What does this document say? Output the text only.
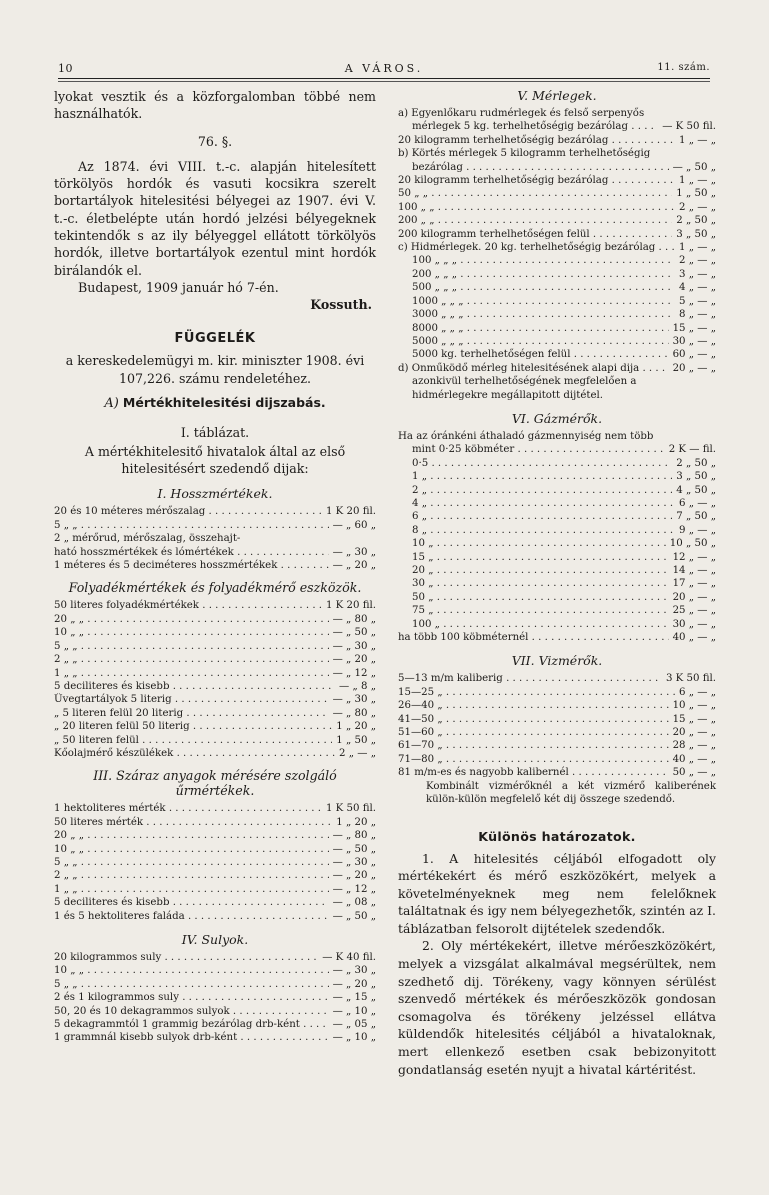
10	A VÁROS.	11. szám.

lyokat vesztik és a közforgalomban többé nem használhatók.

76. §.

Az 1874. évi VIII. t.-c. alapján hitelesített törkölyös hordók és vasuti kocsikra szerelt bortartályok hitelesitési bélyegei az 1907. évi V. t.-c. életbelépte után hordó jelzési bélyegeknek tekintendők s az ily bélyeggel ellátott törkölyös hordók, illetve bortartályok ezentul mint hordók birálandók el.

Budapest, 1909 január hó 7-én.

Kossuth.

FÜGGELÉK

a kereskedelemügyi m. kir. miniszter 1908. évi 107,226. számu rendeletéhez.

A) Mértékhitelesitési dijszabás.
I. táblázat.

A mértékhitelesitő hivatalok által az első hitelesitésért szedendő dijak:

I. Hosszmértékek.
20 és 10 méteres mérőszalag . . .	1 K 20 fil.
5 „ „ . . .	— „ 60 „
2 „ mérőrud, mérőszalag, összehajt-
ható hosszmértékek és lómértékek . . .	— „ 30 „
1 méteres és 5 deciméteres hosszmértékek . . .	— „ 20 „
Folyadékmértékek és folyadékmérő eszközök.
50 literes folyadékmértékek . . .	1 K 20 fil.
20 „ „ . . .	— „ 80 „
10 „ „ . . .	— „ 50 „
5 „ „ . . .	— „ 30 „
2 „ „ . . .	— „ 20 „
1 „ „ . . .	— „ 12 „
5 deciliteres és kisebb . . .	— „ 8 „
Üvegtartályok 5 literig . . .	— „ 30 „
„ 5 literen felül 20 literig . . .	— „ 80 „
„ 20 literen felül 50 literig . . .	1 „ 20 „
„ 50 literen felül . . .	1 „ 50 „
Kőolajmérő készülékek . . .	2 „ — „
III. Száraz anyagok mérésére szolgáló űrmértékek.
1 hektoliteres mérték . . .	1 K 50 fil.
50 literes mérték . . .	1 „ 20 „
20 „ „ . . .	— „ 80 „
10 „ „ . . .	— „ 50 „
5 „ „ . . .	— „ 30 „
2 „ „ . . .	— „ 20 „
1 „ „ . . .	— „ 12 „
5 deciliteres és kisebb . . .	— „ 08 „
1 és 5 hektoliteres faláda . . .	— „ 50 „
IV. Sulyok.
20 kilogrammos suly . . .	— K 40 fil.
10 „ „ . . .	— „ 30 „
5 „ „ . . .	— „ 20 „
2 és 1 kilogrammos suly . . .	— „ 15 „
50, 20 és 10 dekagrammos sulyok . . .	— „ 10 „
5 dekagrammtól 1 grammig bezárólag drb-ként . . .	— „ 05 „
1 grammnál kisebb sulyok drb-ként . . .	— „ 10 „
V. Mérlegek.
a) Egyenlőkaru rudmérlegek és felső serpenyős
mérlegek 5 kg. terhelhetőségig bezárólag . . .	— K 50 fil.
20 kilogramm terhelhetőségig bezárólag . . .	1 „ — „
b) Körtés mérlegek 5 kilogramm terhelhetőségig
bezárólag . . .	— „ 50 „
20 kilogramm terhelhetőségig bezárólag . . .	1 „ — „
50 „ „ . . .	1 „ 50 „
100 „ „ . . .	2 „ — „
200 „ „ . . .	2 „ 50 „
200 kilogramm terhelhetőségen felül . . .	3 „ 50 „
c) Hidmérlegek. 20 kg. terhelhetőségig bezárólag . . .	1 „ — „
100 „ „ „ . . .	2 „ — „
200 „ „ „ . . .	3 „ — „
500 „ „ „ . . .	4 „ — „
1000 „ „ „ . . .	5 „ — „
3000 „ „ „ . . .	8 „ — „
8000 „ „ „ . . .	15 „ — „
5000 „ „ „ . . .	30 „ — „
5000 kg. terhelhetőségen felül . . .	60 „ — „
d) Onműködő mérleg hitelesitésének alapi dija . . .	20 „ — „
azonkivül terhelhetőségének megfelelően a
hidmérlegekre megállapitott dijtétel.
VI. Gázmérők.
Ha az óránkéni áthaladó gázmennyiség nem több
mint 0·25 köbméter . . .	2 K — fil.
0·5 . . .	2 „ 50 „
1 „ . . .	3 „ 50 „
2 „ . . .	4 „ 50 „
4 „ . . .	6 „ — „
6 „ . . .	7 „ 50 „
8 „ . . .	9 „ — „
10 „ . . .	10 „ 50 „
15 „ . . .	12 „ — „
20 „ . . .	14 „ — „
30 „ . . .	17 „ — „
50 „ . . .	20 „ — „
75 „ . . .	25 „ — „
100 „ . . .	30 „ — „
ha több 100 köbméternél . . .	40 „ — „
VII. Vizmérők.
5—13 m/m kaliberig . . .	3 K 50 fil.
15—25 „ . . .	6 „ — „
26—40 „ . . .	10 „ — „
41—50 „ . . .	15 „ — „
51—60 „ . . .	20 „ — „
61—70 „ . . .	28 „ — „
71—80 „ . . .	40 „ — „
81 m/m-es és nagyobb kalibernél . . .	50 „ — „
Kombinált vizmérőknél a két vizmérő kaliberének külön-külön megfelelő két dij összege szedendő.
Különös határozatok.

1. A hitelesités céljából elfogadott oly mértékekért és mérő eszközökért, melyek a követelményeknek meg nem felelőknek találtatnak és igy nem bélyegezhetők, szintén az I. táblázatban felsorolt dijtételek szedendők.

2. Oly mértékekért, illetve mérőeszközökért, melyek a vizsgálat alkalmával megsérültek, nem szedhető dij. Törékeny, vagy könnyen sérülést szenvedő mértékek és mérőeszközök gondosan csomagolva és törékeny jelzéssel ellátva küldendők hitelesités céljából a hivataloknak, mert ellenkező esetben csak bebizonyitott gondatlanság esetén nyujt a hivatal kártéritést.
